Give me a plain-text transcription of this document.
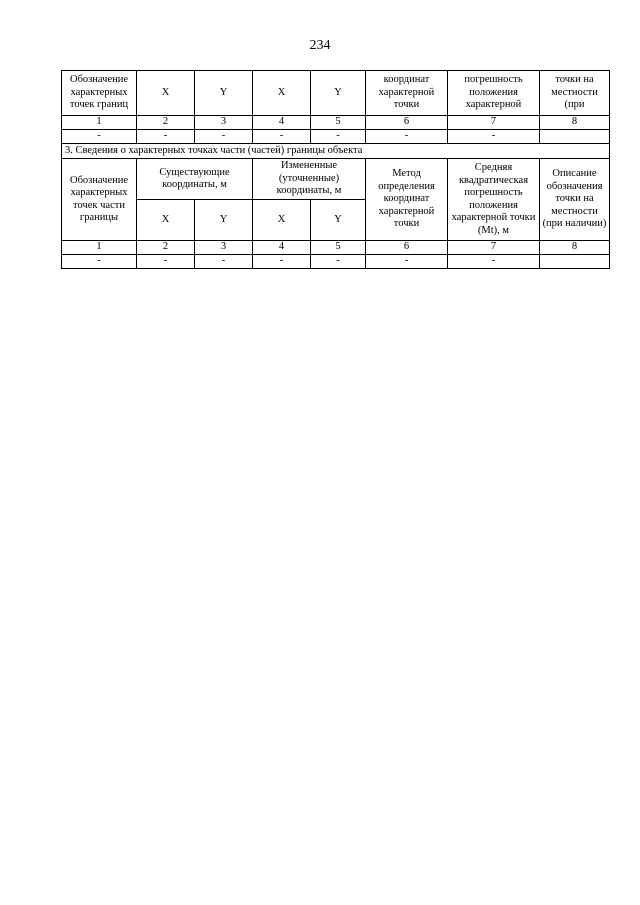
234
Обозначение характерных точек границ	X	Y	X	Y	координат характерной точки	погрешность положения характерной	точки на местности (при

1	2	3	4	5	6	7	8
-	-	-	-	-	-	-	
3. Сведения о характерных точках части (частей) границы объекта							
Обозначение характерных точек части границы	Существующие координаты, м		Измененные (уточненные) координаты, м		Метод определения координат характерной точки	Средняя квадратическая погрешность положения характерной точки (Mt), м	Описание обозначения точки на местности (при наличии)
	X	Y	X	Y			
1	2	3	4	5	6	7	8
-	-	-	-	-	-	-	
